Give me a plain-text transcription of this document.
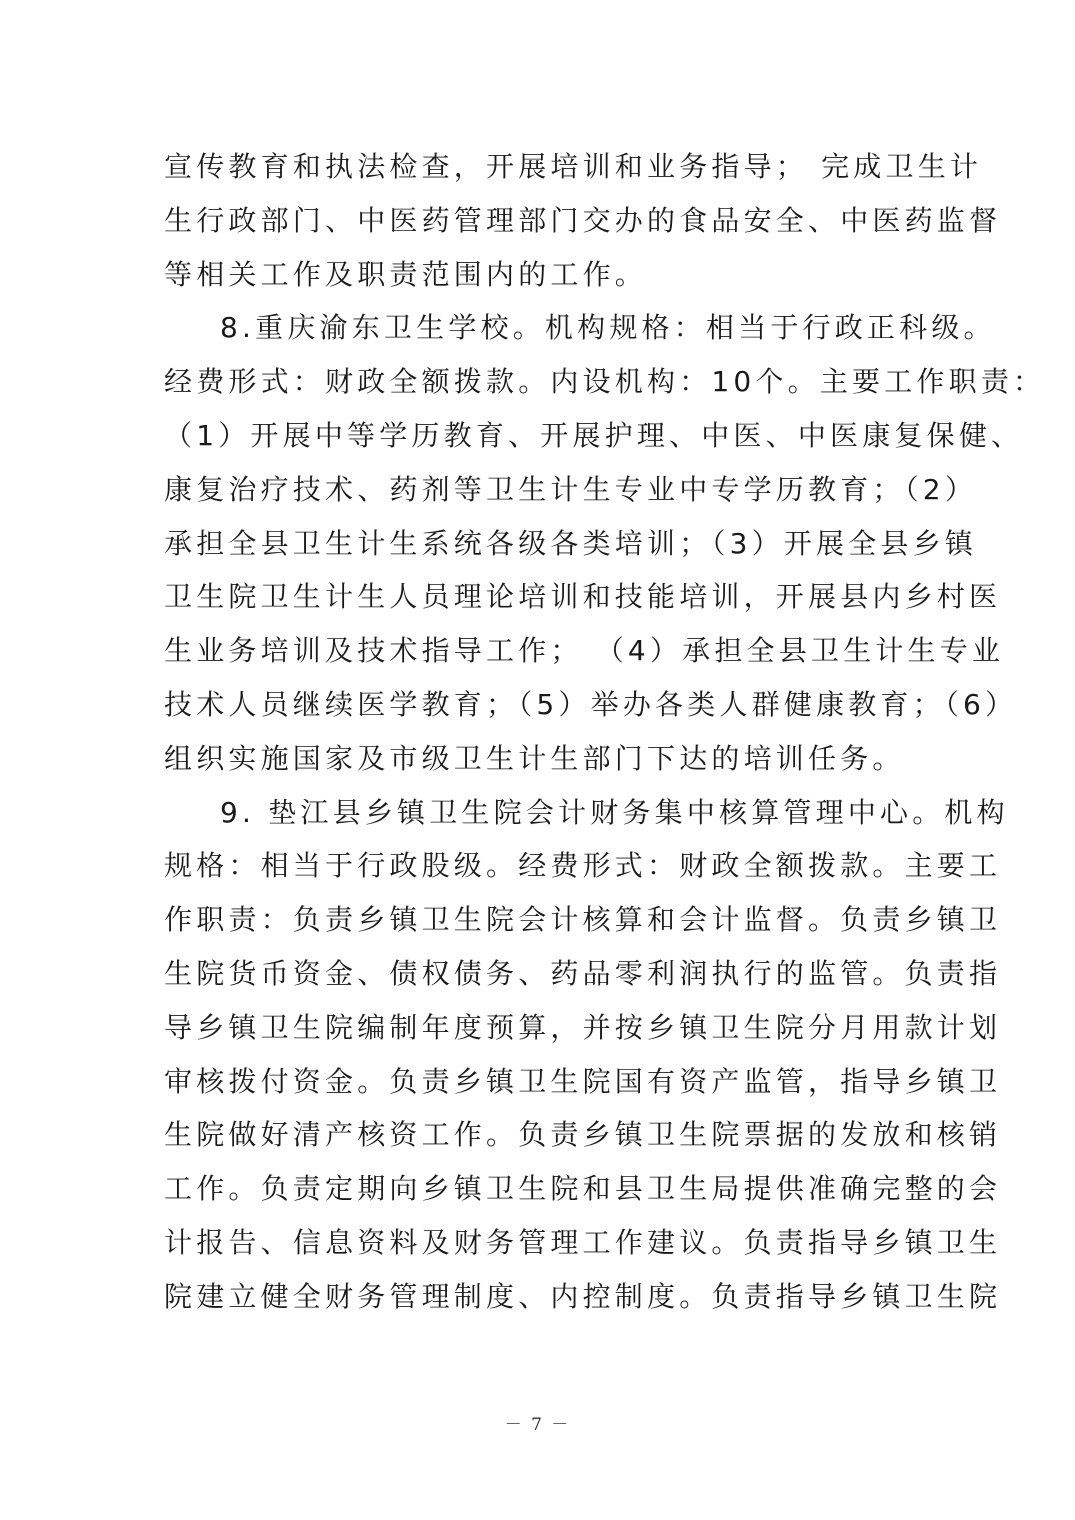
宣传教育和执法检查，开展培训和业务指导； 完成卫生计
生行政部门、中医药管理部门交办的食品安全、中医药监督
等相关工作及职责范围内的工作。
8.重庆渝东卫生学校。机构规格：相当于行政正科级。
经费形式：财政全额拨款。内设机构：10个。主要工作职责：
（1）开展中等学历教育、开展护理、中医、中医康复保健、
康复治疗技术、药剂等卫生计生专业中专学历教育；（2）
承担全县卫生计生系统各级各类培训；（3）开展全县乡镇
卫生院卫生计生人员理论培训和技能培训，开展县内乡村医
生业务培训及技术指导工作； （4）承担全县卫生计生专业
技术人员继续医学教育；（5）举办各类人群健康教育；（6）
组织实施国家及市级卫生计生部门下达的培训任务。
9. 垫江县乡镇卫生院会计财务集中核算管理中心。机构
规格：相当于行政股级。经费形式：财政全额拨款。主要工
作职责：负责乡镇卫生院会计核算和会计监督。负责乡镇卫
生院货币资金、债权债务、药品零利润执行的监管。负责指
导乡镇卫生院编制年度预算，并按乡镇卫生院分月用款计划
审核拨付资金。负责乡镇卫生院国有资产监管，指导乡镇卫
生院做好清产核资工作。负责乡镇卫生院票据的发放和核销
工作。负责定期向乡镇卫生院和县卫生局提供准确完整的会
计报告、信息资料及财务管理工作建议。负责指导乡镇卫生
院建立健全财务管理制度、内控制度。负责指导乡镇卫生院
－ 7 －
